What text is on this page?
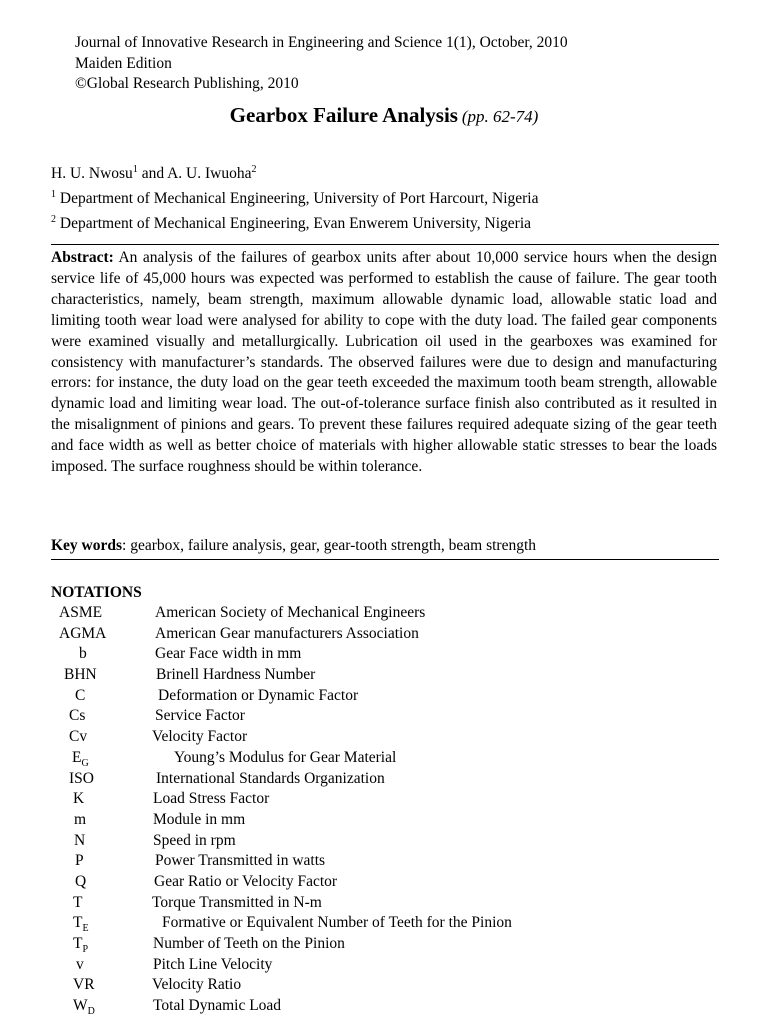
Journal of Innovative Research in Engineering and Science 1(1), October, 2010
Maiden Edition
©Global Research Publishing, 2010
Gearbox Failure Analysis (pp. 62-74)
H. U. Nwosu$^1$ and A. U. Iwuoha$^2$
$^1$ Department of Mechanical Engineering, University of Port Harcourt, Nigeria
$^2$ Department of Mechanical Engineering, Evan Enwerem University, Nigeria
Abstract: An analysis of the failures of gearbox units after about 10,000 service hours when the design service life of 45,000 hours was expected was performed to establish the cause of failure. The gear tooth characteristics, namely, beam strength, maximum allowable dynamic load, allowable static load and limiting tooth wear load were analysed for ability to cope with the duty load. The failed gear components were examined visually and metallurgically. Lubrication oil used in the gearboxes was examined for consistency with manufacturer’s standards. The observed failures were due to design and manufacturing errors: for instance, the duty load on the gear teeth exceeded the maximum tooth beam strength, allowable dynamic load and limiting wear load. The out-of-tolerance surface finish also contributed as it resulted in the misalignment of pinions and gears. To prevent these failures required adequate sizing of the gear teeth and face width as well as better choice of materials with higher allowable static stresses to bear the loads imposed. The surface roughness should be within tolerance.
Key words: gearbox, failure analysis, gear, gear-tooth strength, beam strength
NOTATIONS
ASME	American Society of Mechanical Engineers
AGMA	American Gear manufacturers Association
b	Gear Face width in mm
BHN	Brinell Hardness Number
C	Deformation or Dynamic Factor
Cs	Service Factor
Cv	Velocity Factor
$E_G$	Young’s Modulus for Gear Material
ISO	International Standards Organization
K	Load Stress Factor
m	Module in mm
N	Speed in rpm
P	Power Transmitted in watts
Q	Gear Ratio or Velocity Factor
T	Torque Transmitted in N-m
$T_E$	Formative or Equivalent Number of Teeth for the Pinion
$T_P$	Number of Teeth on the Pinion
v	Pitch Line Velocity
VR	Velocity Ratio
$W_D$	Total Dynamic Load
